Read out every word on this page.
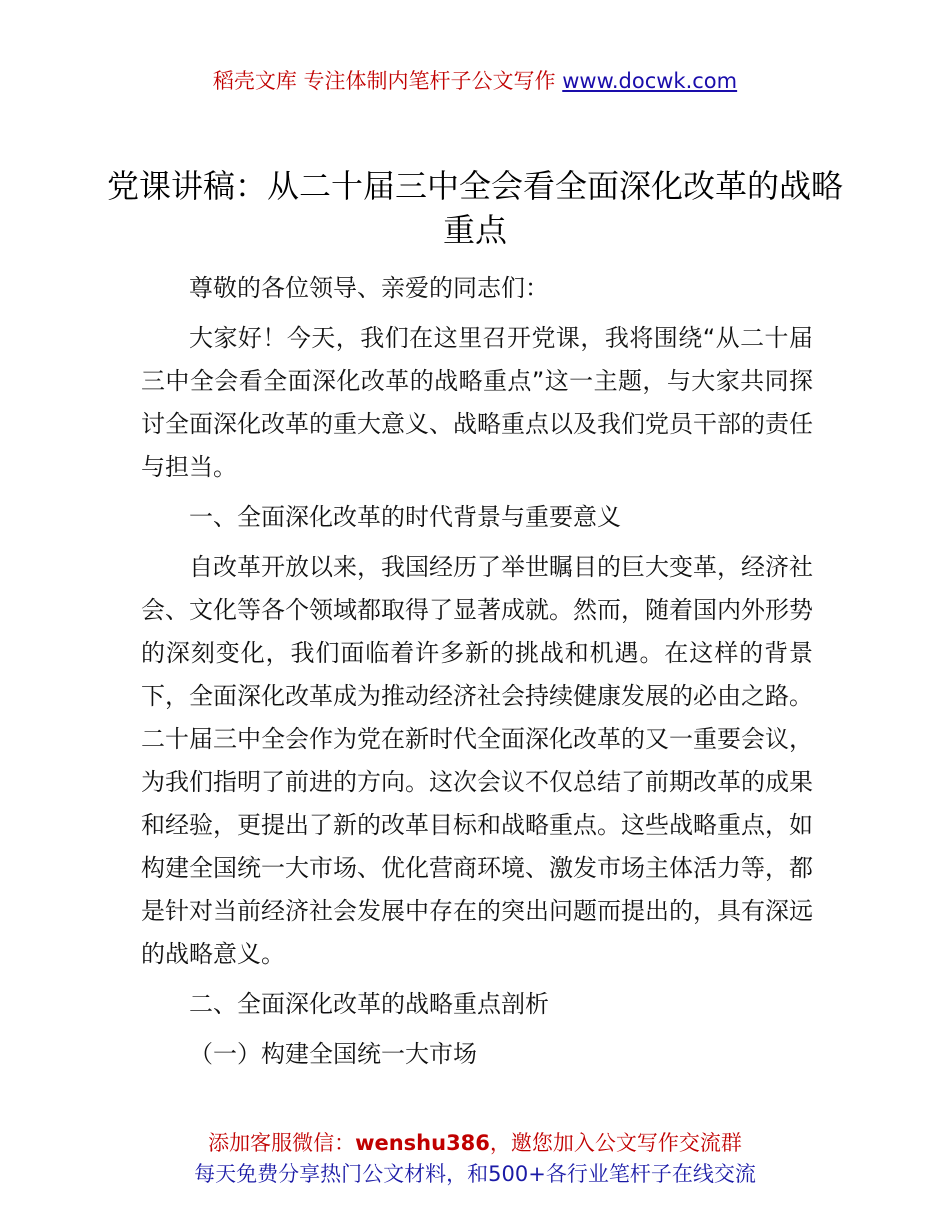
稻壳文库 专注体制内笔杆子公文写作 www.docwk.com
党课讲稿：从二十届三中全会看全面深化改革的战略重点

尊敬的各位领导、亲爱的同志们：

大家好！今天，我们在这里召开党课，我将围绕“从二十届三中全会看全面深化改革的战略重点”这一主题，与大家共同探讨全面深化改革的重大意义、战略重点以及我们党员干部的责任与担当。

一、全面深化改革的时代背景与重要意义

自改革开放以来，我国经历了举世瞩目的巨大变革，经济社会、文化等各个领域都取得了显著成就。然而，随着国内外形势的深刻变化，我们面临着许多新的挑战和机遇。在这样的背景下，全面深化改革成为推动经济社会持续健康发展的必由之路。二十届三中全会作为党在新时代全面深化改革的又一重要会议，为我们指明了前进的方向。这次会议不仅总结了前期改革的成果和经验，更提出了新的改革目标和战略重点。这些战略重点，如构建全国统一大市场、优化营商环境、激发市场主体活力等，都是针对当前经济社会发展中存在的突出问题而提出的，具有深远的战略意义。

二、全面深化改革的战略重点剖析

（一）构建全国统一大市场

添加客服微信：wenshu386，邀您加入公文写作交流群
每天免费分享热门公文材料，和500+各行业笔杆子在线交流
